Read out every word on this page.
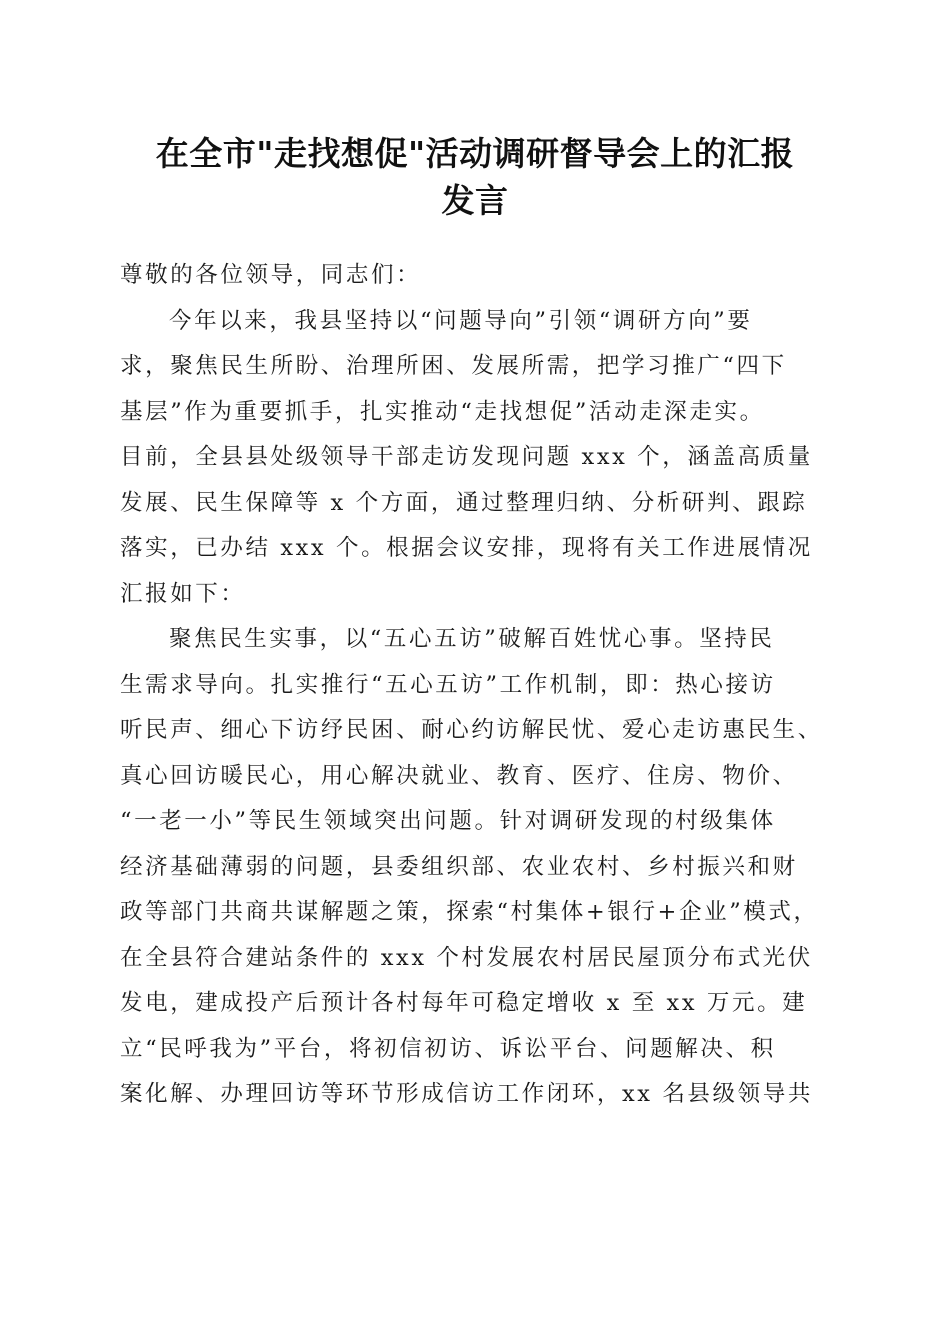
在全市"走找想促"活动调研督导会上的汇报
发言
尊敬的各位领导，同志们：
今年以来，我县坚持以“问题导向”引领“调研方向”要
求，聚焦民生所盼、治理所困、发展所需，把学习推广“四下
基层”作为重要抓手，扎实推动“走找想促”活动走深走实。
目前，全县县处级领导干部走访发现问题 xxx 个，涵盖高质量
发展、民生保障等 x 个方面，通过整理归纳、分析研判、跟踪
落实，已办结 xxx 个。根据会议安排，现将有关工作进展情况
汇报如下：
聚焦民生实事，以“五心五访”破解百姓忧心事。坚持民
生需求导向。扎实推行“五心五访”工作机制，即：热心接访
听民声、细心下访纾民困、耐心约访解民忧、爱心走访惠民生、
真心回访暖民心，用心解决就业、教育、医疗、住房、物价、
“一老一小”等民生领域突出问题。针对调研发现的村级集体
经济基础薄弱的问题，县委组织部、农业农村、乡村振兴和财
政等部门共商共谋解题之策，探索“村集体+银行+企业”模式，
在全县符合建站条件的 xxx 个村发展农村居民屋顶分布式光伏
发电，建成投产后预计各村每年可稳定增收 x 至 xx 万元。建
立“民呼我为”平台，将初信初访、诉讼平台、问题解决、积
案化解、办理回访等环节形成信访工作闭环，xx 名县级领导共
